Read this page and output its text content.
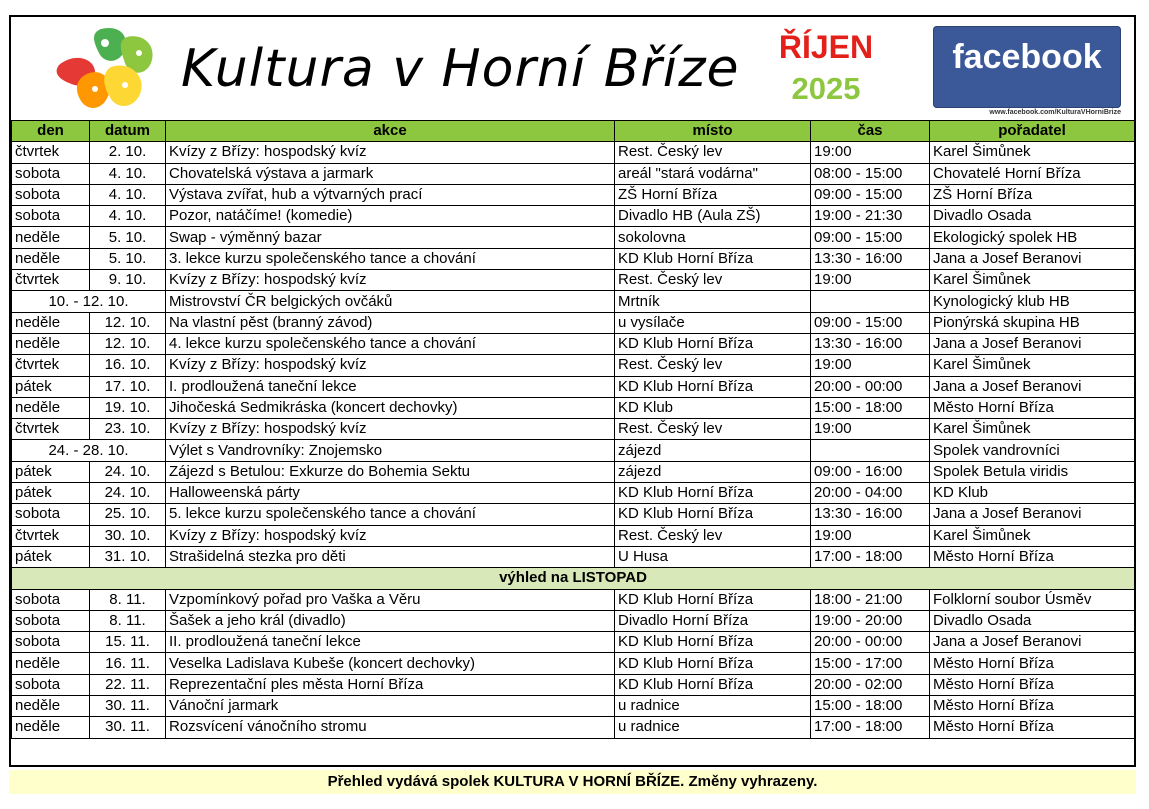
Kultura v Horní Bříze	ŘÍJEN
2025
facebook
www.facebook.com/KulturaVHorniBrize
den	datum	akce	místo	čas	pořadatel
čtvrtek	2. 10.	Kvízy z Břízy: hospodský kvíz	Rest. Český lev	19:00	Karel Šimůnek
sobota	4. 10.	Chovatelská výstava a jarmark	areál "stará vodárna"	08:00 - 15:00	Chovatelé Horní Bříza
sobota	4. 10.	Výstava zvířat, hub a výtvarných prací	ZŠ Horní Bříza	09:00 - 15:00	ZŠ Horní Bříza
sobota	4. 10.	Pozor, natáčíme! (komedie)	Divadlo HB (Aula ZŠ)	19:00 - 21:30	Divadlo Osada
neděle	5. 10.	Swap - výměnný bazar	sokolovna	09:00 - 15:00	Ekologický spolek HB
neděle	5. 10.	3. lekce kurzu společenského tance a chování	KD Klub Horní Bříza	13:30 - 16:00	Jana a Josef Beranovi
čtvrtek	9. 10.	Kvízy z Břízy: hospodský kvíz	Rest. Český lev	19:00	Karel Šimůnek
10. - 12. 10.		Mistrovství ČR belgických ovčáků	Mrtník		Kynologický klub HB
neděle	12. 10.	Na vlastní pěst (branný závod)	u vysílače	09:00 - 15:00	Pionýrská skupina HB
neděle	12. 10.	4. lekce kurzu společenského tance a chování	KD Klub Horní Bříza	13:30 - 16:00	Jana a Josef Beranovi
čtvrtek	16. 10.	Kvízy z Břízy: hospodský kvíz	Rest. Český lev	19:00	Karel Šimůnek
pátek	17. 10.	I. prodloužená taneční lekce	KD Klub Horní Bříza	20:00 - 00:00	Jana a Josef Beranovi
neděle	19. 10.	Jihočeská Sedmikráska (koncert dechovky)	KD Klub	15:00 - 18:00	Město Horní Bříza
čtvrtek	23. 10.	Kvízy z Břízy: hospodský kvíz	Rest. Český lev	19:00	Karel Šimůnek
24. - 28. 10.		Výlet s Vandrovníky: Znojemsko	zájezd		Spolek vandrovníci
pátek	24. 10.	Zájezd s Betulou: Exkurze do Bohemia Sektu	zájezd	09:00 - 16:00	Spolek Betula viridis
pátek	24. 10.	Halloweenská párty	KD Klub Horní Bříza	20:00 - 04:00	KD Klub
sobota	25. 10.	5. lekce kurzu společenského tance a chování	KD Klub Horní Bříza	13:30 - 16:00	Jana a Josef Beranovi
čtvrtek	30. 10.	Kvízy z Břízy: hospodský kvíz	Rest. Český lev	19:00	Karel Šimůnek
pátek	31. 10.	Strašidelná stezka pro děti	U Husa	17:00 - 18:00	Město Horní Bříza
výhled na LISTOPAD					
sobota	8. 11.	Vzpomínkový pořad pro Vaška a Věru	KD Klub Horní Bříza	18:00 - 21:00	Folklorní soubor Úsměv
sobota	8. 11.	Šašek a jeho král (divadlo)	Divadlo Horní Bříza	19:00 - 20:00	Divadlo Osada
sobota	15. 11.	II. prodloužená taneční lekce	KD Klub Horní Bříza	20:00 - 00:00	Jana a Josef Beranovi
neděle	16. 11.	Veselka Ladislava Kubeše (koncert dechovky)	KD Klub Horní Bříza	15:00 - 17:00	Město Horní Bříza
sobota	22. 11.	Reprezentační ples města Horní Bříza	KD Klub Horní Bříza	20:00 - 02:00	Město Horní Bříza
neděle	30. 11.	Vánoční jarmark	u radnice	15:00 - 18:00	Město Horní Bříza
neděle	30. 11.	Rozsvícení vánočního stromu	u radnice	17:00 - 18:00	Město Horní Bříza
Přehled vydává spolek KULTURA V HORNÍ BŘÍZE. Změny vyhrazeny.
